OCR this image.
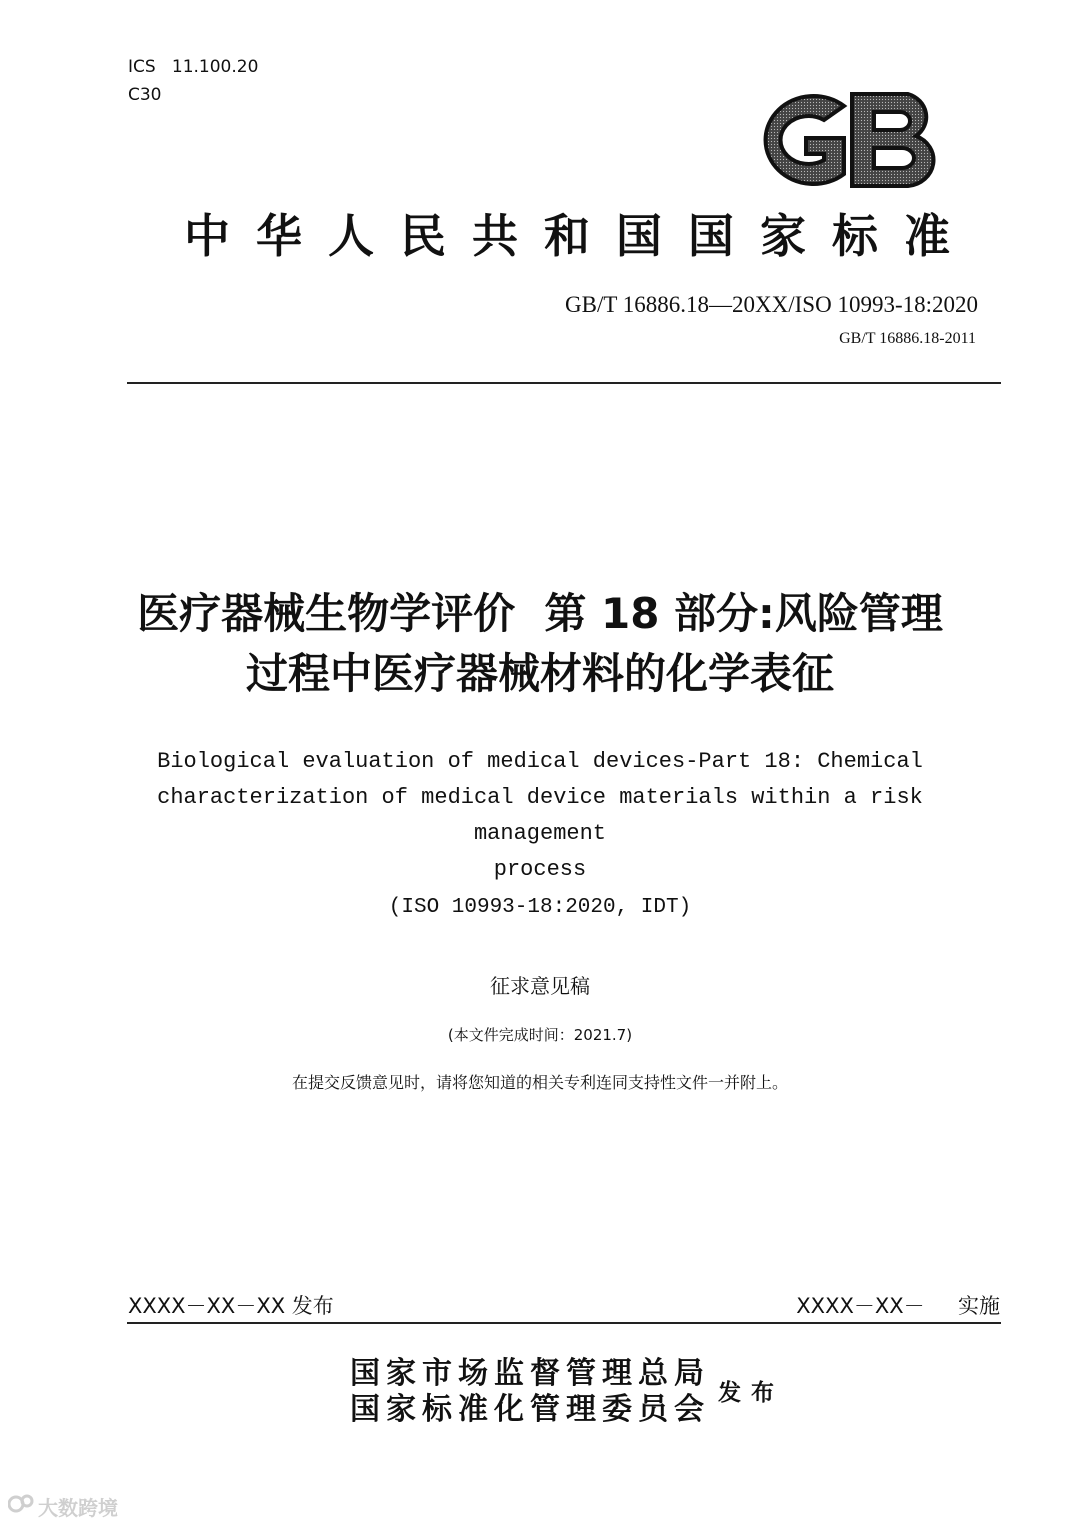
ICS   11.100.20
C30
中华人民共和国国家标准
GB/T 16886.18—20XX/ISO 10993-18:2020
GB/T 16886.18-2011
医疗器械生物学评价  第 18 部分:风险管理
过程中医疗器械材料的化学表征
Biological evaluation of medical devices-Part 18: Chemical
characterization of medical device materials within a risk management
process
(ISO 10993-18:2020, IDT)
征求意见稿
(本文件完成时间：2021.7)
在提交反馈意见时，请将您知道的相关专利连同支持性文件一并附上。
XXXX－XX－XX 发布	XXXX－XX－     实施
国家市场监督管理总局
国家标准化管理委员会
发布
大数跨境
